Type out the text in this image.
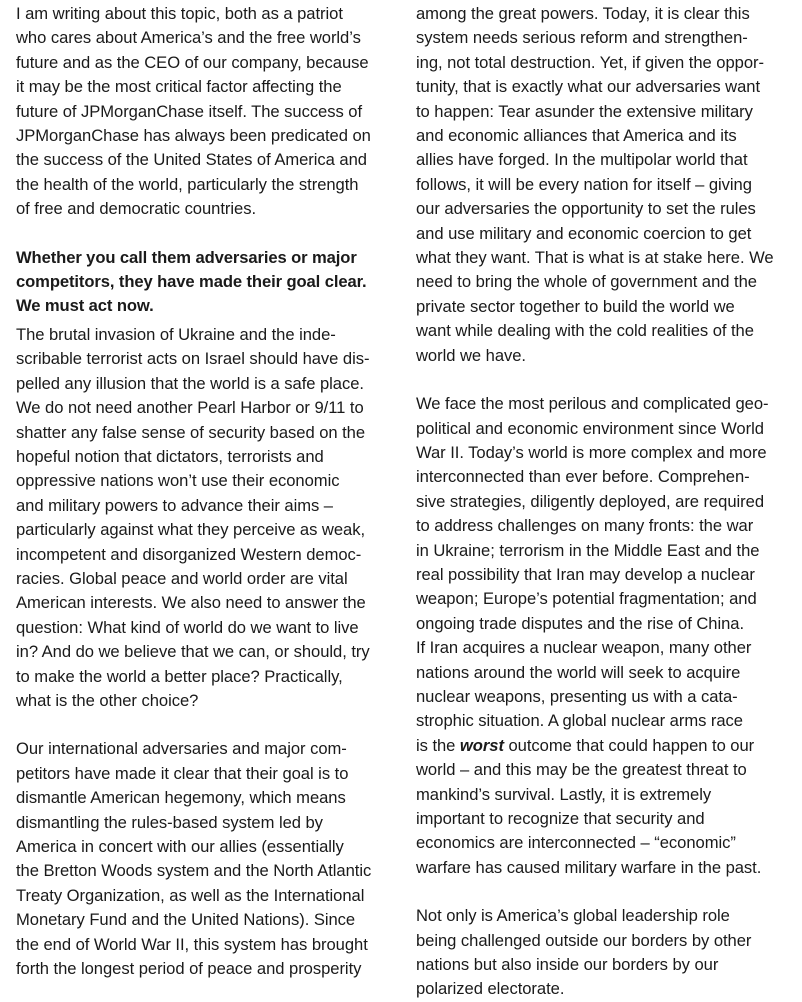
I am writing about this topic, both as a patriot
who cares about America’s and the free world’s
future and as the CEO of our company, because
it may be the most critical factor affecting the
future of JPMorganChase itself. The success of
JPMorganChase has always been predicated on
the success of the United States of America and
the health of the world, particularly the strength
of free and democratic countries.

Whether you call them adversaries or major
competitors, they have made their goal clear.
We must act now.

The brutal invasion of Ukraine and the inde-
scribable terrorist acts on Israel should have dis-
pelled any illusion that the world is a safe place.
We do not need another Pearl Harbor or 9/11 to
shatter any false sense of security based on the
hopeful notion that dictators, terrorists and
oppressive nations won’t use their economic
and military powers to advance their aims –
particularly against what they perceive as weak,
incompetent and disorganized Western democ-
racies. Global peace and world order are vital
American interests. We also need to answer the
question: What kind of world do we want to live
in? And do we believe that we can, or should, try
to make the world a better place? Practically,
what is the other choice?

Our international adversaries and major com-
petitors have made it clear that their goal is to
dismantle American hegemony, which means
dismantling the rules-based system led by
America in concert with our allies (essentially
the Bretton Woods system and the North Atlantic
Treaty Organization, as well as the International
Monetary Fund and the United Nations). Since
the end of World War II, this system has brought
forth the longest period of peace and prosperity

among the great powers. Today, it is clear this
system needs serious reform and strengthen-
ing, not total destruction. Yet, if given the oppor-
tunity, that is exactly what our adversaries want
to happen: Tear asunder the extensive military
and economic alliances that America and its
allies have forged. In the multipolar world that
follows, it will be every nation for itself – giving
our adversaries the opportunity to set the rules
and use military and economic coercion to get
what they want. That is what is at stake here. We
need to bring the whole of government and the
private sector together to build the world we
want while dealing with the cold realities of the
world we have.

We face the most perilous and complicated geo-
political and economic environment since World
War II. Today’s world is more complex and more
interconnected than ever before. Comprehen-
sive strategies, diligently deployed, are required
to address challenges on many fronts: the war
in Ukraine; terrorism in the Middle East and the
real possibility that Iran may develop a nuclear
weapon; Europe’s potential fragmentation; and
ongoing trade disputes and the rise of China.
If Iran acquires a nuclear weapon, many other
nations around the world will seek to acquire
nuclear weapons, presenting us with a cata-
strophic situation. A global nuclear arms race
is the worst outcome that could happen to our
world – and this may be the greatest threat to
mankind’s survival. Lastly, it is extremely
important to recognize that security and
economics are interconnected – “economic”
warfare has caused military warfare in the past.

Not only is America’s global leadership role
being challenged outside our borders by other
nations but also inside our borders by our
polarized electorate.
